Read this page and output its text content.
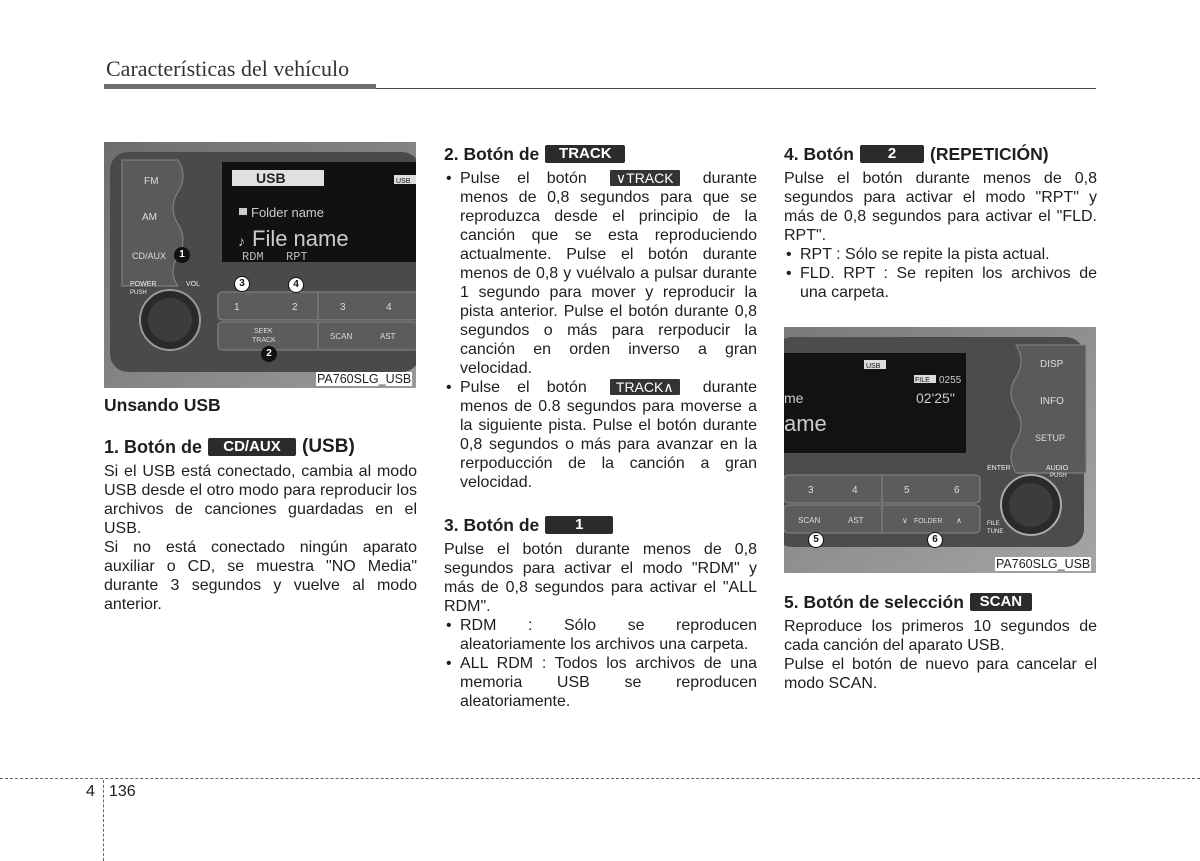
Características del vehículo
FM
AM
CD/AUX
USB	USB
Folder name
♪ File name
RDM RPT
POWER
PUSH
VOL
1	2	3	4
SEEK
TRACK	SCAN	AST
1
3	4
2
PA760SLG_USB
Unsando USB
1. Botón de	CD/AUX	(USB)

Si el USB está conectado, cambia al modo USB desde el otro modo para reproducir los archivos de canciones guardadas en el USB.

Si no está conectado ningún aparato auxiliar o CD, se muestra "NO Media" durante 3 segundos y vuelve al modo anterior.

2. Botón de	TRACK
• Pulse el botón ∨TRACK durante menos de 0,8 segundos para que se reproduzca desde el principio de la canción que se esta reproduciendo actualmente. Pulse el botón durante menos de 0,8 y vuélvalo a pulsar durante 1 segundo para mover y reproducir la pista anterior. Pulse el botón durante 0,8 segundos o más para rerpoducir la canción en orden inverso a gran velocidad.
• Pulse el botón TRACK∧ durante menos de 0.8 segundos para moverse a la siguiente pista. Pulse el botón durante 0,8 segundos o más para avanzar en la rerpoducción de la canción a gran velocidad.
3. Botón de	1

Pulse el botón durante menos de 0,8 segundos para activar el modo "RDM" y más de 0,8 segundos para activar el "ALL RDM".

• RDM : Sólo se reproducen aleatoriamente los archivos una carpeta.
• ALL RDM : Todos los archivos de una memoria USB se reproducen aleatoriamente.
4. Botón	2	(REPETICIÓN)

Pulse el botón durante menos de 0,8 segundos para activar el modo "RPT" y más de 0,8 segundos para activar el "FLD. RPT".

• RPT : Sólo se repite la pista actual.
• FLD. RPT : Se repiten los archivos de una carpeta.
USB
FILE 0255
me	02'25"
ame
DISP
INFO
SETUP
ENTER	AUDIO
PUSH
FILE
TUNE
3	4	5	6
SCAN	AST	∨ FOLDER ∧
5	6
PA760SLG_USB
5. Botón de selección	SCAN

Reproduce los primeros 10 segundos de cada canción del aparato USB.

Pulse el botón de nuevo para cancelar el modo SCAN.

4 136
